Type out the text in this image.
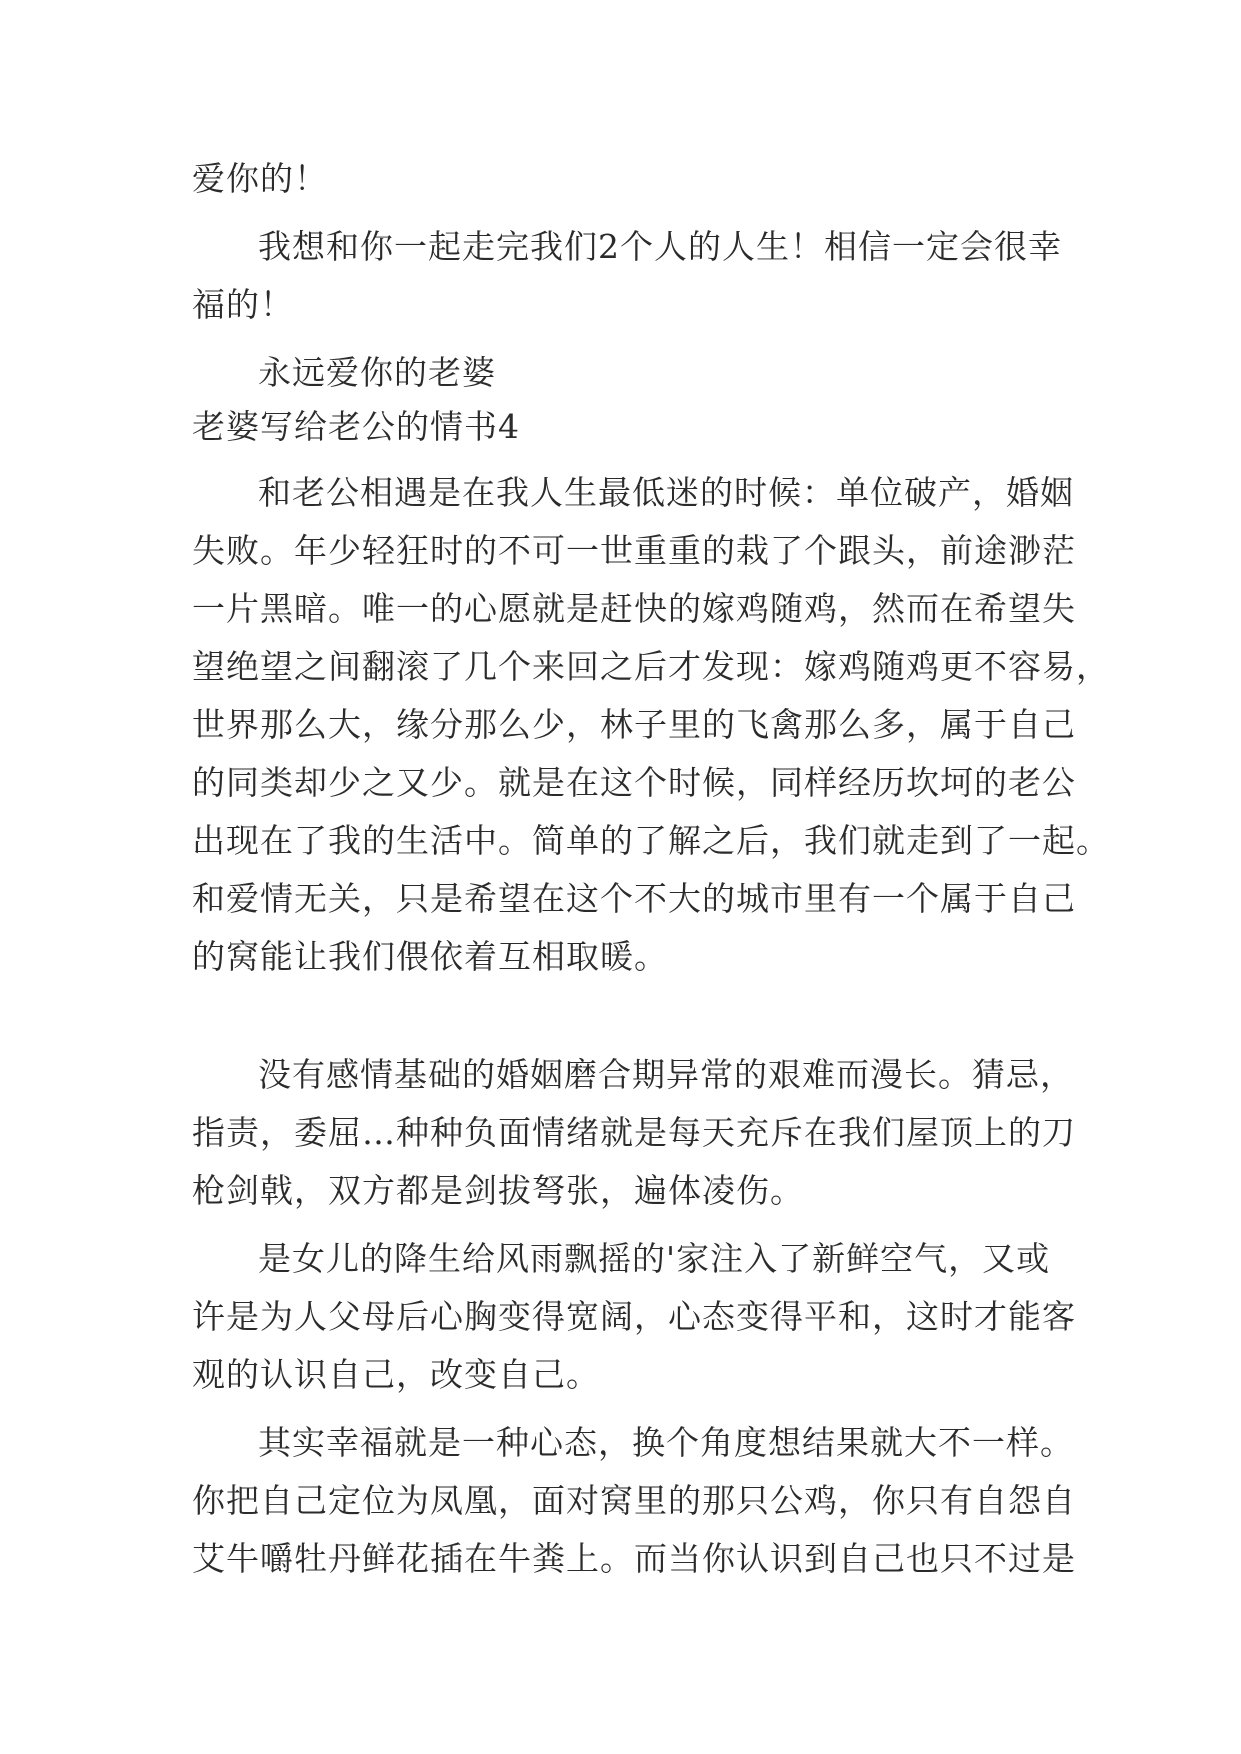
爱你的！

我想和你一起走完我们2个人的人生！相信一定会很幸

福的！

永远爱你的老婆

老婆写给老公的情书4

和老公相遇是在我人生最低迷的时候：单位破产，婚姻

失败。年少轻狂时的不可一世重重的栽了个跟头，前途渺茫

一片黑暗。唯一的心愿就是赶快的嫁鸡随鸡，然而在希望失

望绝望之间翻滚了几个来回之后才发现：嫁鸡随鸡更不容易，

世界那么大，缘分那么少，林子里的飞禽那么多，属于自己

的同类却少之又少。就是在这个时候，同样经历坎坷的老公

出现在了我的生活中。简单的了解之后，我们就走到了一起。

和爱情无关，只是希望在这个不大的城市里有一个属于自己

的窝能让我们偎依着互相取暖。

没有感情基础的婚姻磨合期异常的艰难而漫长。猜忌，

指责，委屈…种种负面情绪就是每天充斥在我们屋顶上的刀

枪剑戟，双方都是剑拔弩张，遍体凌伤。

是女儿的降生给风雨飘摇的'家注入了新鲜空气，又或

许是为人父母后心胸变得宽阔，心态变得平和，这时才能客

观的认识自己，改变自己。

其实幸福就是一种心态，换个角度想结果就大不一样。

你把自己定位为凤凰，面对窝里的那只公鸡，你只有自怨自

艾牛嚼牡丹鲜花插在牛粪上。而当你认识到自己也只不过是
